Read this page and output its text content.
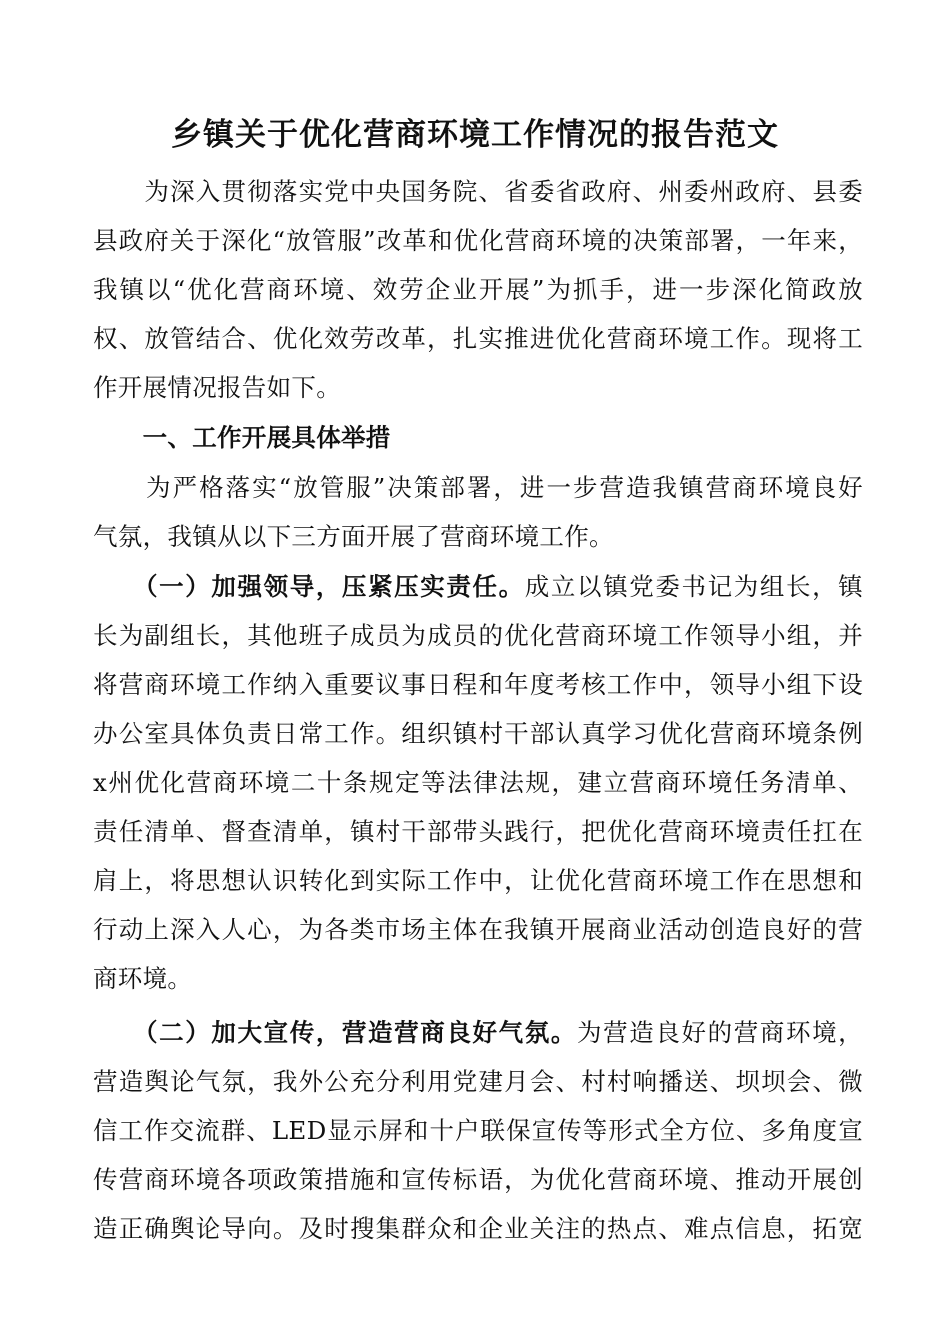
乡镇关于优化营商环境工作情况的报告范文
　　为深入贯彻落实党中央国务院、省委省政府、州委州政府、县委
县政府关于深化“放管服”改革和优化营商环境的决策部署，一年来，
我镇以“优化营商环境、效劳企业开展”为抓手，进一步深化简政放
权、放管结合、优化效劳改革，扎实推进优化营商环境工作。现将工
作开展情况报告如下。
　　一、工作开展具体举措
　　为严格落实“放管服”决策部署，进一步营造我镇营商环境良好
气氛，我镇从以下三方面开展了营商环境工作。
　　（一）加强领导，压紧压实责任。成立以镇党委书记为组长，镇
长为副组长，其他班子成员为成员的优化营商环境工作领导小组，并
将营商环境工作纳入重要议事日程和年度考核工作中，领导小组下设
办公室具体负责日常工作。组织镇村干部认真学习优化营商环境条例
x州优化营商环境二十条规定等法律法规，建立营商环境任务清单、
责任清单、督查清单，镇村干部带头践行，把优化营商环境责任扛在
肩上，将思想认识转化到实际工作中，让优化营商环境工作在思想和
行动上深入人心，为各类市场主体在我镇开展商业活动创造良好的营
商环境。
　　（二）加大宣传，营造营商良好气氛。为营造良好的营商环境，
营造舆论气氛，我外公充分利用党建月会、村村响播送、坝坝会、微
信工作交流群、LED显示屏和十户联保宣传等形式全方位、多角度宣
传营商环境各项政策措施和宣传标语，为优化营商环境、推动开展创
造正确舆论导向。及时搜集群众和企业关注的热点、难点信息，拓宽
